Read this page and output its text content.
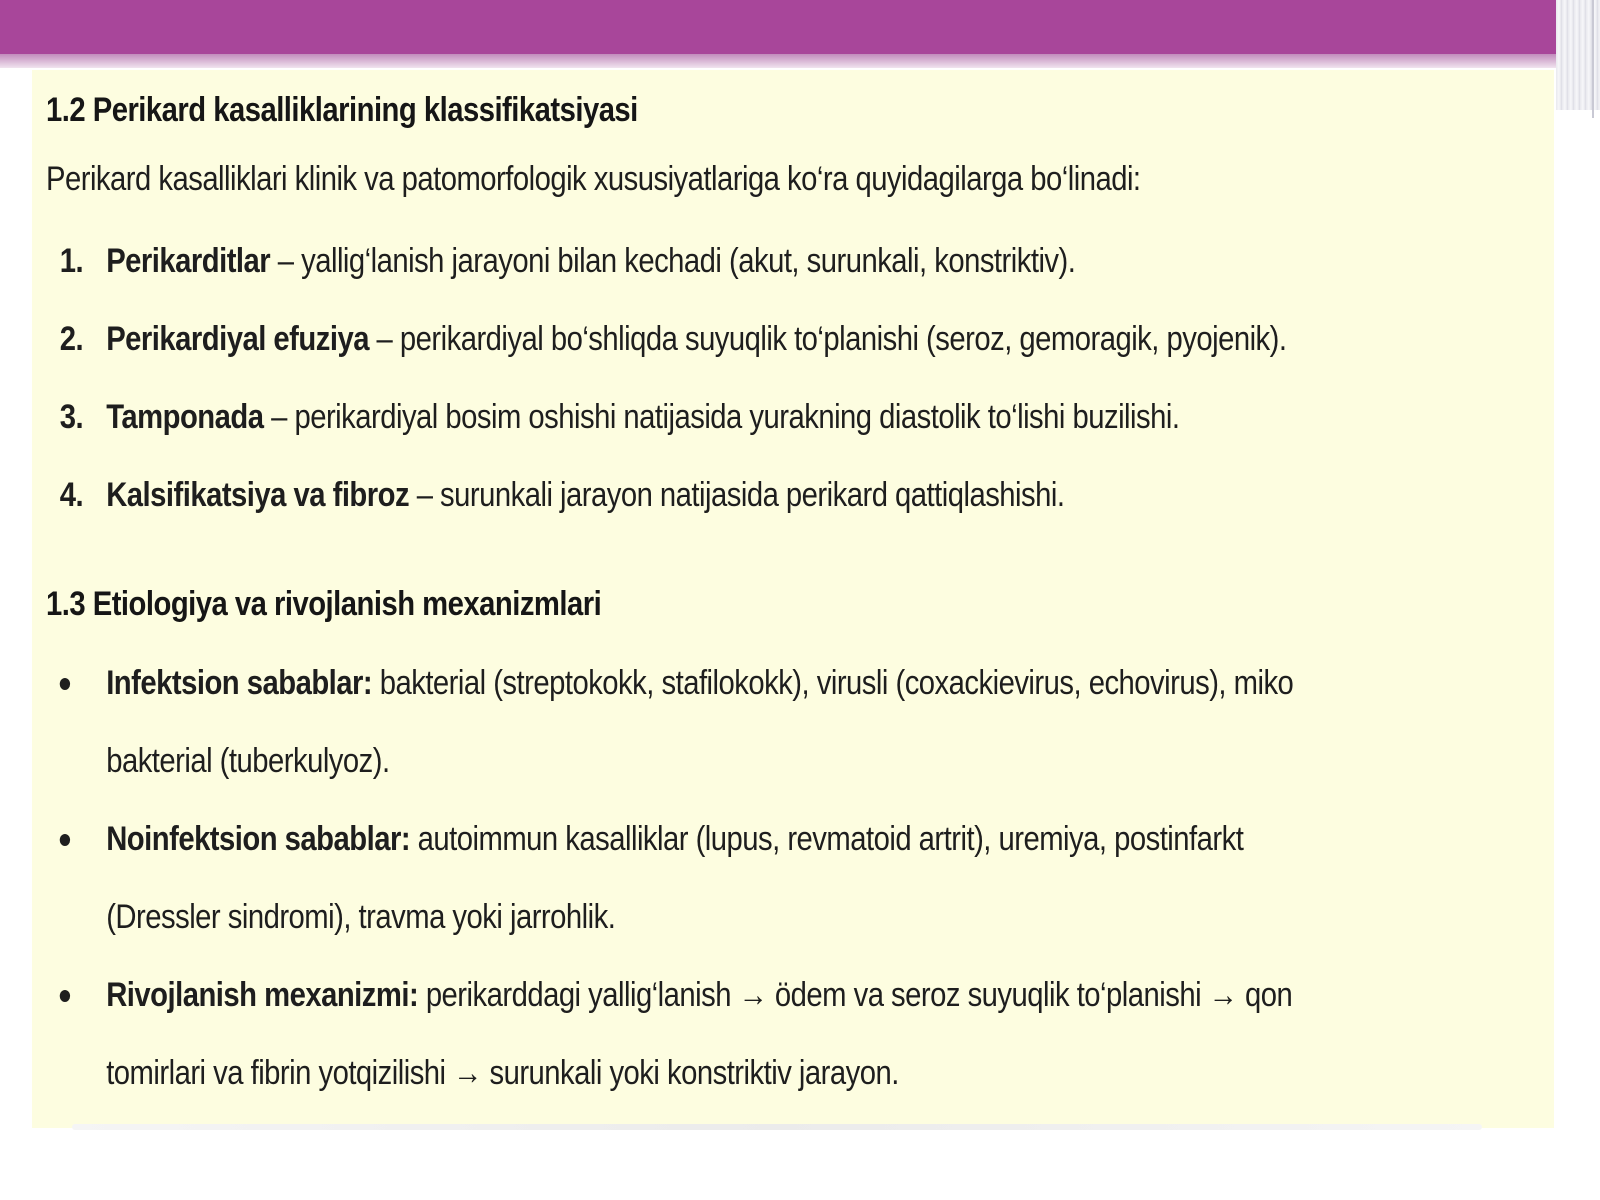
1.2 Perikard kasalliklarining klassifikatsiyasi

Perikard kasalliklari klinik va patomorfologik xususiyatlariga ko‘ra quyidagilarga bo‘linadi:

1. Perikarditlar – yallig‘lanish jarayoni bilan kechadi (akut, surunkali, konstriktiv).
2. Perikardiyal efuziya – perikardiyal bo‘shliqda suyuqlik to‘planishi (seroz, gemoragik, pyojenik).
3. Tamponada – perikardiyal bosim oshishi natijasida yurakning diastolik to‘lishi buzilishi.
4. Kalsifikatsiya va fibroz – surunkali jarayon natijasida perikard qattiqlashishi.
1.3 Etiologiya va rivojlanish mexanizmlari
Infektsion sabablar: bakterial (streptokokk, stafilokokk), virusli (coxackievirus, echovirus), miko bakterial (tuberkulyoz).
Noinfektsion sabablar: autoimmun kasalliklar (lupus, revmatoid artrit), uremiya, postinfarkt (Dressler sindromi), travma yoki jarrohlik.
Rivojlanish mexanizmi: perikarddagi yallig‘lanish → ödem va seroz suyuqlik to‘planishi → qon tomirlari va fibrin yotqizilishi → surunkali yoki konstriktiv jarayon.
